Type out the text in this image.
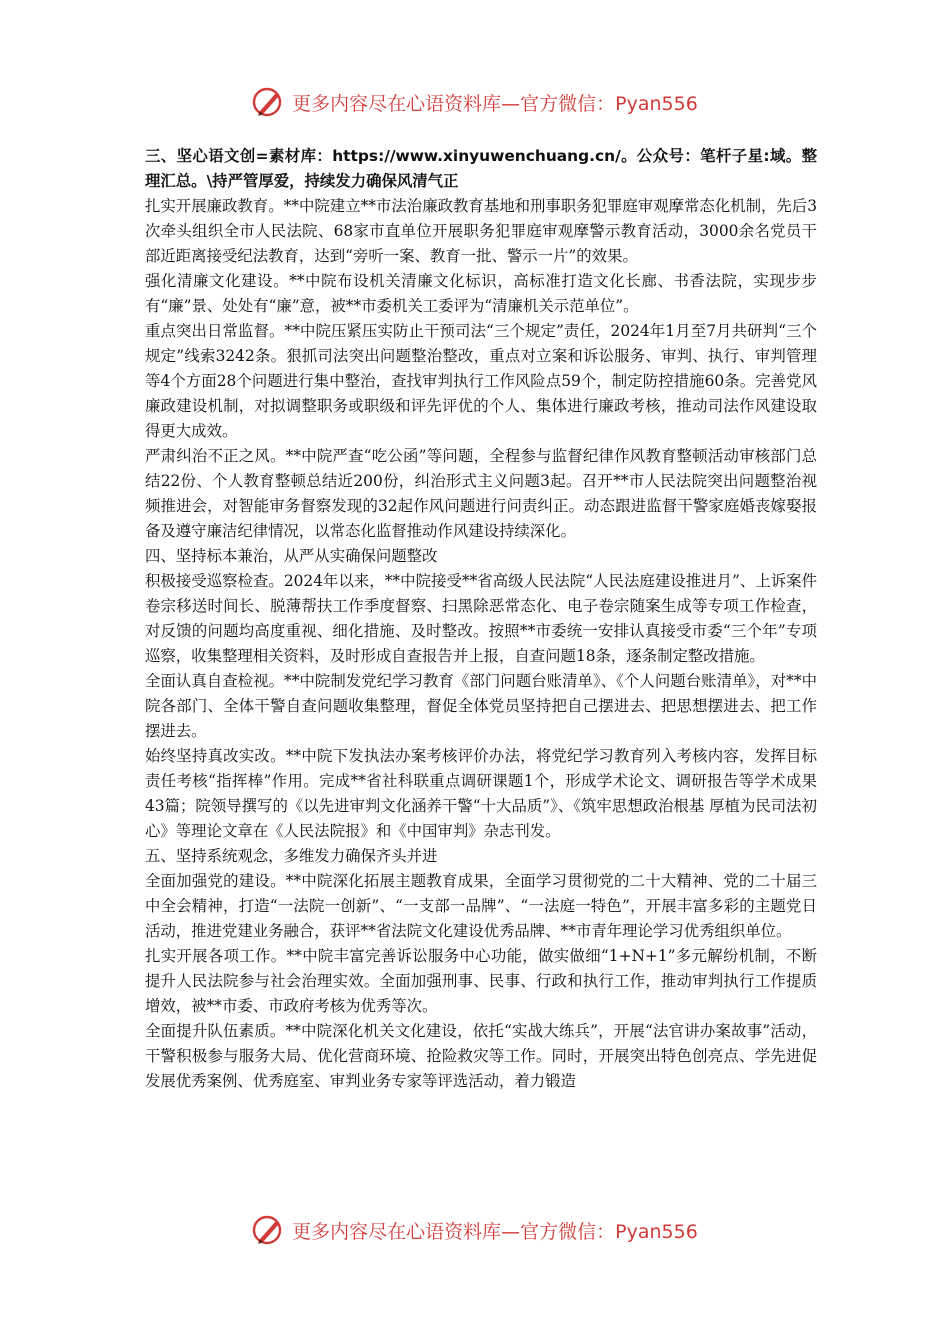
更多内容尽在心语资料库—官方微信：Pyan556

三、坚心语文创=素材库：https://www.xinyuwenchuang.cn/。公众号：笔杆子星:域。整理汇总。\持严管厚爱，持续发力确保风清气正

扎实开展廉政教育。**中院建立**市法治廉政教育基地和刑事职务犯罪庭审观摩常态化机制，先后3次牵头组织全市人民法院、68家市直单位开展职务犯罪庭审观摩警示教育活动，3000余名党员干部近距离接受纪法教育，达到“旁听一案、教育一批、警示一片”的效果。

强化清廉文化建设。**中院布设机关清廉文化标识，高标准打造文化长廊、书香法院，实现步步有“廉”景、处处有“廉”意，被**市委机关工委评为“清廉机关示范单位”。

重点突出日常监督。**中院压紧压实防止干预司法“三个规定”责任，2024年1月至7月共研判“三个规定”线索3242条。狠抓司法突出问题整治整改，重点对立案和诉讼服务、审判、执行、审判管理等4个方面28个问题进行集中整治，查找审判执行工作风险点59个，制定防控措施60条。完善党风廉政建设机制，对拟调整职务或职级和评先评优的个人、集体进行廉政考核，推动司法作风建设取得更大成效。

严肃纠治不正之风。**中院严查“吃公函”等问题，全程参与监督纪律作风教育整顿活动审核部门总结22份、个人教育整顿总结近200份，纠治形式主义问题3起。召开**市人民法院突出问题整治视频推进会，对智能审务督察发现的32起作风问题进行问责纠正。动态跟进监督干警家庭婚丧嫁娶报备及遵守廉洁纪律情况，以常态化监督推动作风建设持续深化。

四、坚持标本兼治，从严从实确保问题整改

积极接受巡察检查。2024年以来，**中院接受**省高级人民法院“人民法庭建设推进月”、上诉案件卷宗移送时间长、脱薄帮扶工作季度督察、扫黑除恶常态化、电子卷宗随案生成等专项工作检查，对反馈的问题均高度重视、细化措施、及时整改。按照**市委统一安排认真接受市委“三个年”专项巡察，收集整理相关资料，及时形成自查报告并上报，自查问题18条，逐条制定整改措施。

全面认真自查检视。**中院制发党纪学习教育《部门问题台账清单》、《个人问题台账清单》，对**中院各部门、全体干警自查问题收集整理，督促全体党员坚持把自己摆进去、把思想摆进去、把工作摆进去。

始终坚持真改实改。**中院下发执法办案考核评价办法，将党纪学习教育列入考核内容，发挥目标责任考核“指挥棒”作用。完成**省社科联重点调研课题1个，形成学术论文、调研报告等学术成果43篇；院领导撰写的《以先进审判文化涵养干警“十大品质”》、《筑牢思想政治根基 厚植为民司法初心》等理论文章在《人民法院报》和《中国审判》杂志刊发。

五、坚持系统观念，多维发力确保齐头并进

全面加强党的建设。**中院深化拓展主题教育成果，全面学习贯彻党的二十大精神、党的二十届三中全会精神，打造“一法院一创新”、“一支部一品牌”、“一法庭一特色”，开展丰富多彩的主题党日活动，推进党建业务融合，获评**省法院文化建设优秀品牌、**市青年理论学习优秀组织单位。

扎实开展各项工作。**中院丰富完善诉讼服务中心功能，做实做细“1+N+1”多元解纷机制，不断提升人民法院参与社会治理实效。全面加强刑事、民事、行政和执行工作，推动审判执行工作提质增效，被**市委、市政府考核为优秀等次。

全面提升队伍素质。**中院深化机关文化建设，依托“实战大练兵”，开展“法官讲办案故事”活动，干警积极参与服务大局、优化营商环境、抢险救灾等工作。同时，开展突出特色创亮点、学先进促发展优秀案例、优秀庭室、审判业务专家等评选活动，着力锻造

更多内容尽在心语资料库—官方微信：Pyan556
